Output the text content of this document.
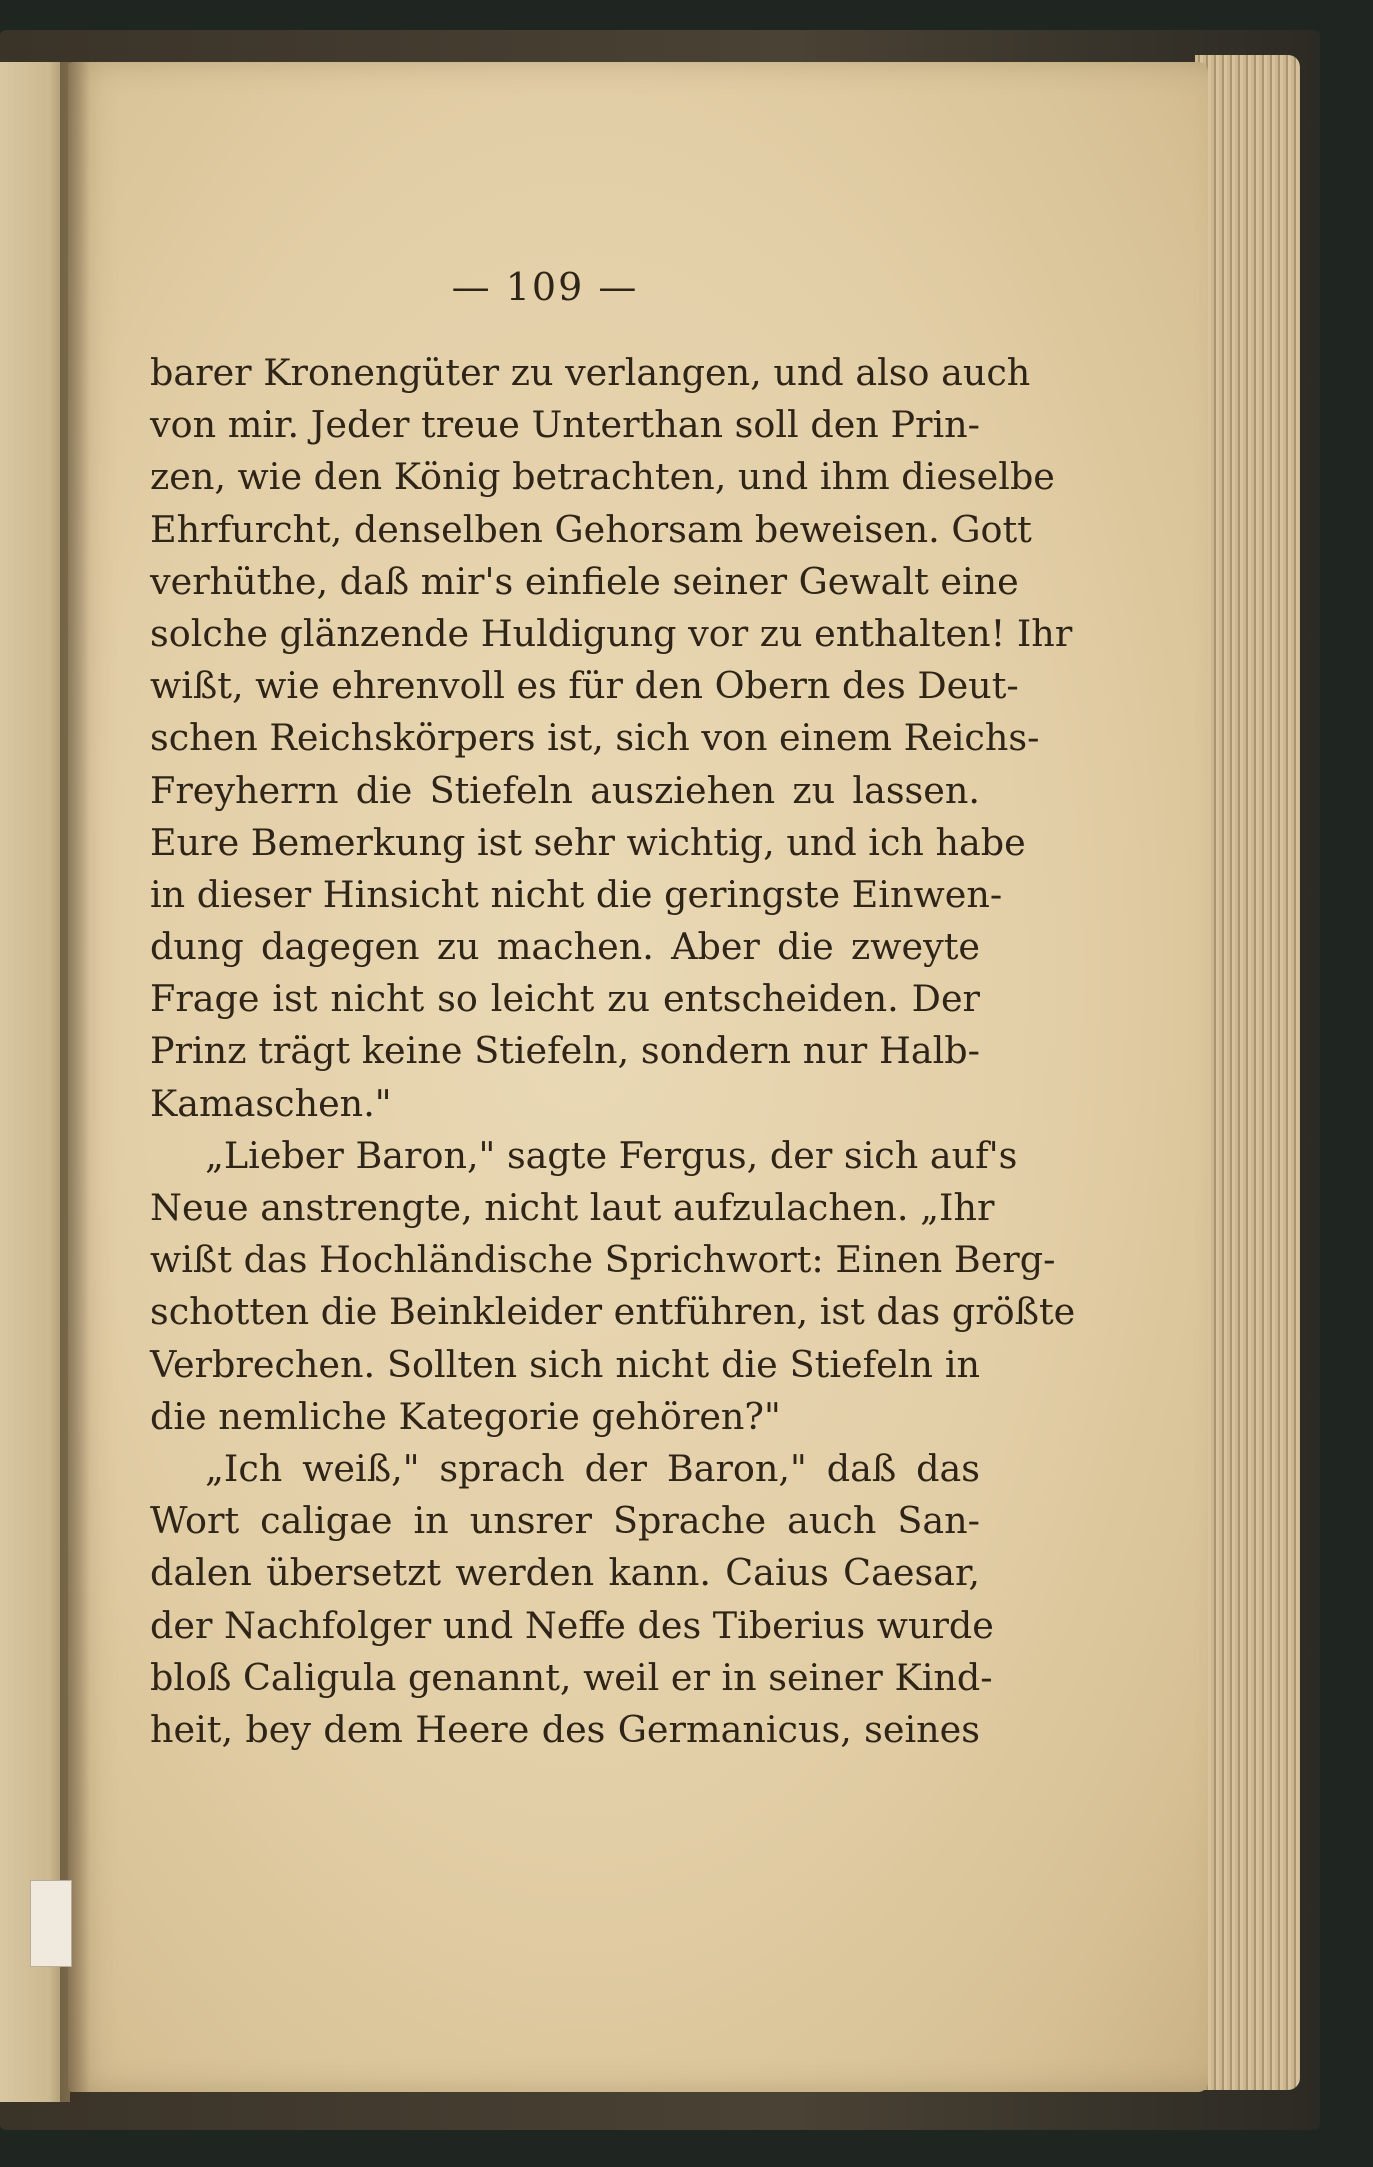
— 109 —
barer Kronengüter zu verlangen, und also auch
von mir. Jeder treue Unterthan soll den Prin-
zen, wie den König betrachten, und ihm dieselbe
Ehrfurcht, denselben Gehorsam beweisen. Gott
verhüthe, daß mir's einfiele seiner Gewalt eine
solche glänzende Huldigung vor zu enthalten! Ihr
wißt, wie ehrenvoll es für den Obern des Deut-
schen Reichskörpers ist, sich von einem Reichs-
Freyherrn die Stiefeln ausziehen zu lassen.
Eure Bemerkung ist sehr wichtig, und ich habe
in dieser Hinsicht nicht die geringste Einwen-
dung dagegen zu machen. Aber die zweyte
Frage ist nicht so leicht zu entscheiden. Der
Prinz trägt keine Stiefeln, sondern nur Halb-
Kamaschen."
„Lieber Baron," sagte Fergus, der sich auf's
Neue anstrengte, nicht laut aufzulachen. „Ihr
wißt das Hochländische Sprichwort: Einen Berg-
schotten die Beinkleider entführen, ist das größte
Verbrechen. Sollten sich nicht die Stiefeln in
die nemliche Kategorie gehören?"
„Ich weiß," sprach der Baron," daß das
Wort caligae in unsrer Sprache auch San-
dalen übersetzt werden kann. Caius Caesar,
der Nachfolger und Neffe des Tiberius wurde
bloß Caligula genannt, weil er in seiner Kind-
heit, bey dem Heere des Germanicus, seines
